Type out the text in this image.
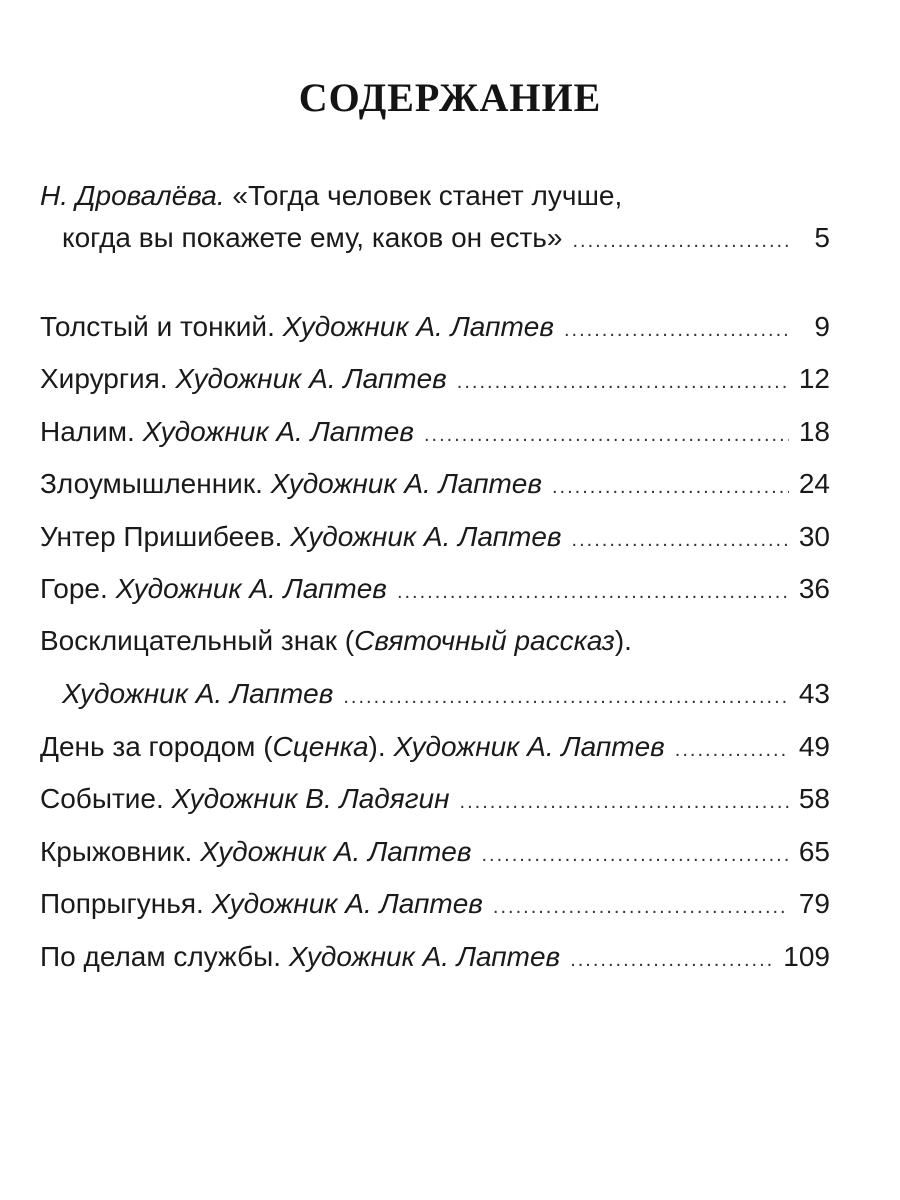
СОДЕРЖАНИЕ
Н. Дровалёва. «Тогда человек станет лучше,
когда вы покажете ему, каков он есть» .....	5
Толстый и тонкий. Художник А. Лаптев .....	9
Хирургия. Художник А. Лаптев .....	12
Налим. Художник А. Лаптев .....	18
Злоумышленник. Художник А. Лаптев .....	24
Унтер Пришибеев. Художник А. Лаптев .....	30
Горе. Художник А. Лаптев .....	36
Восклицательный знак (Святочный рассказ).
Художник А. Лаптев .....	43
День за городом (Сценка). Художник А. Лаптев .....	49
Событие. Художник В. Ладягин .....	58
Крыжовник. Художник А. Лаптев .....	65
Попрыгунья. Художник А. Лаптев .....	79
По делам службы. Художник А. Лаптев .....	109
